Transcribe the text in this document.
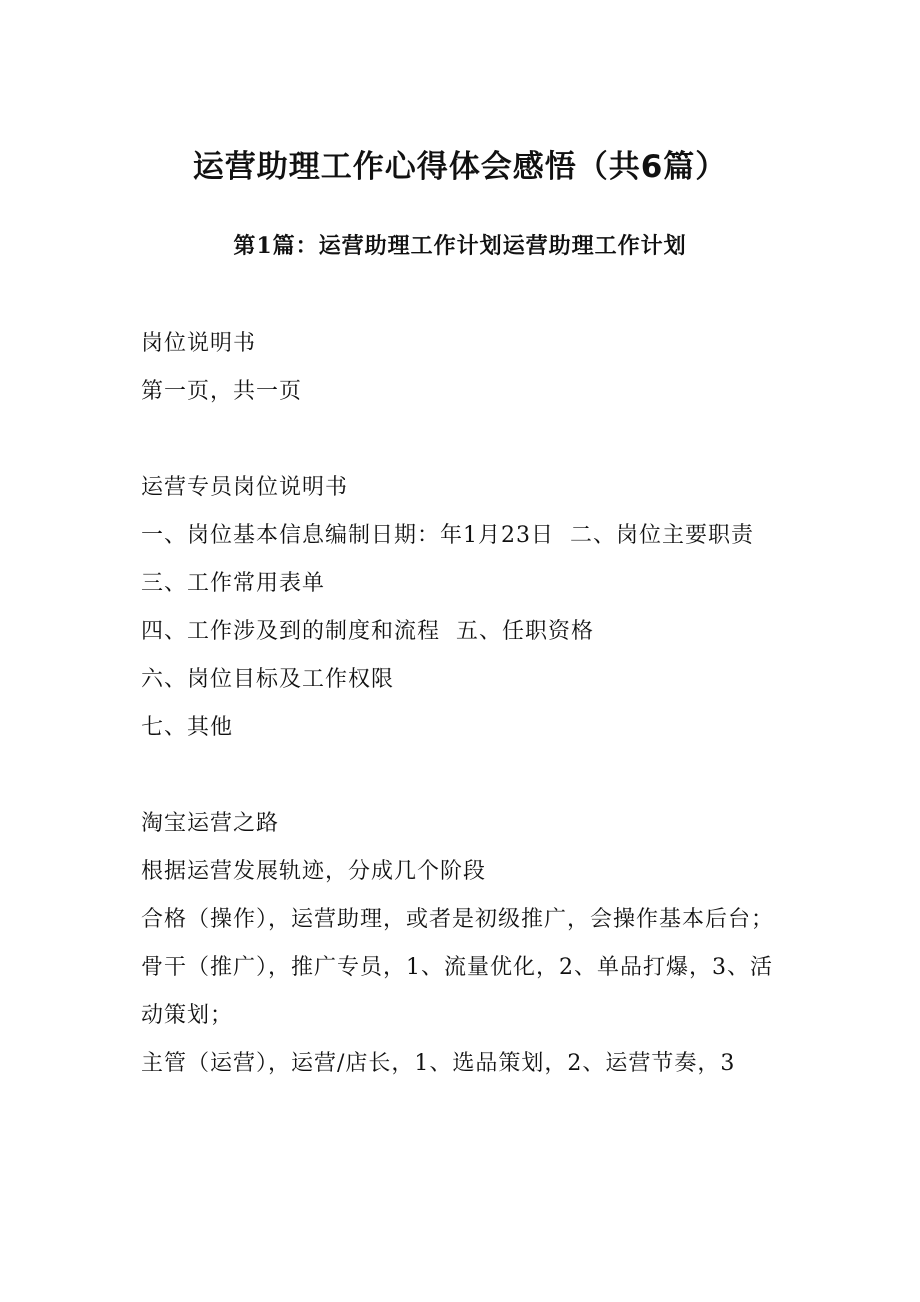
运营助理工作心得体会感悟（共6篇）
第1篇：运营助理工作计划运营助理工作计划

岗位说明书

第一页，共一页

运营专员岗位说明书

一、岗位基本信息编制日期：年1月23日  二、岗位主要职责

三、工作常用表单

四、工作涉及到的制度和流程  五、任职资格

六、岗位目标及工作权限

七、其他

淘宝运营之路

根据运营发展轨迹，分成几个阶段

合格（操作），运营助理，或者是初级推广，会操作基本后台；

骨干（推广），推广专员，1、流量优化，2、单品打爆，3、活动策划；

主管（运营），运营/店长，1、选品策划，2、运营节奏，3
